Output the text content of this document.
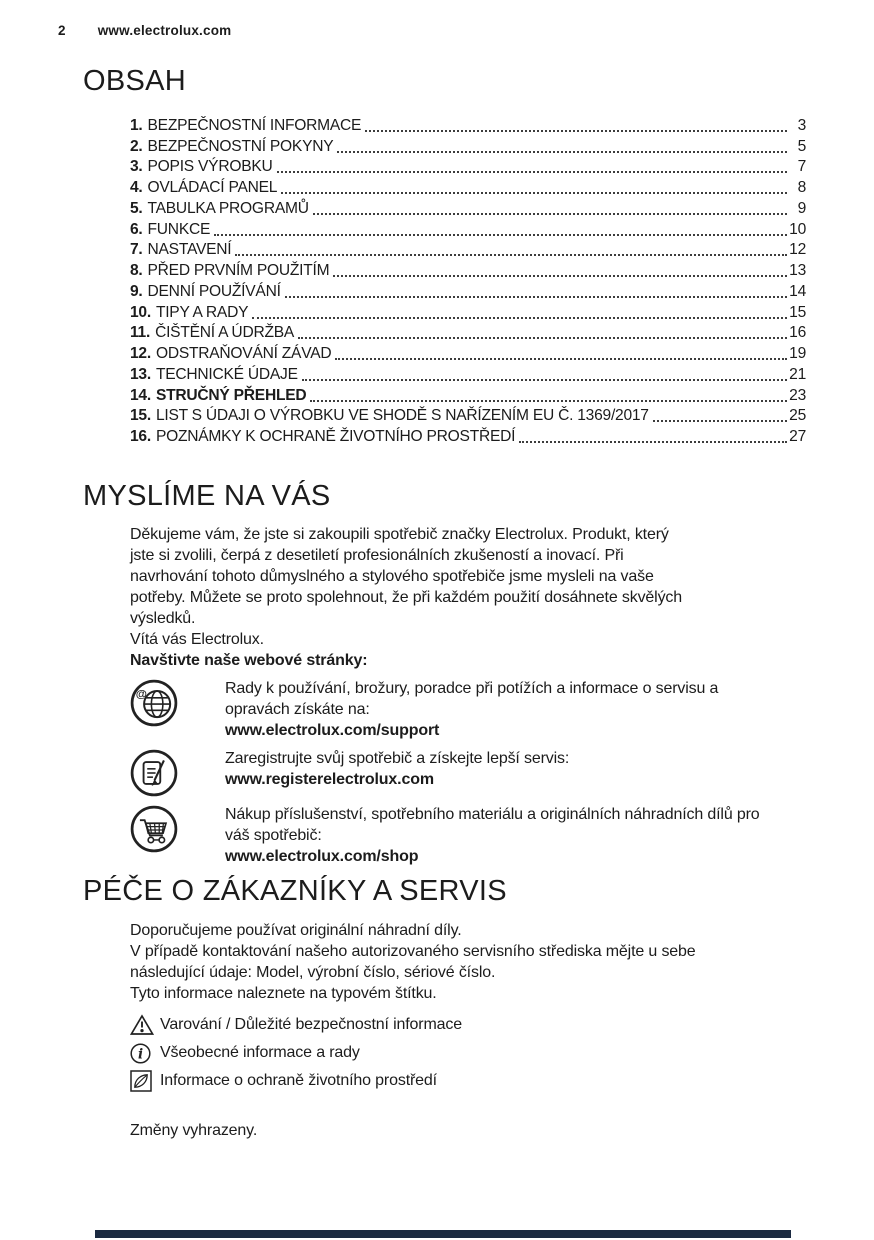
2 www.electrolux.com
OBSAH
1. BEZPEČNOSTNÍ INFORMACE	3
2. BEZPEČNOSTNÍ POKYNY	5
3. POPIS VÝROBKU	7
4. OVLÁDACÍ PANEL	8
5. TABULKA PROGRAMŮ	9
6. FUNKCE	10
7. NASTAVENÍ	12
8. PŘED PRVNÍM POUŽITÍM	13
9. DENNÍ POUŽÍVÁNÍ	14
10. TIPY A RADY	15
11. ČIŠTĚNÍ A ÚDRŽBA	16
12. ODSTRAŇOVÁNÍ ZÁVAD	19
13. TECHNICKÉ ÚDAJE	21
14. STRUČNÝ PŘEHLED	23
15. LIST S ÚDAJI O VÝROBKU VE SHODĚ S NAŘÍZENÍM EU Č. 1369/2017	25
16. POZNÁMKY K OCHRANĚ ŽIVOTNÍHO PROSTŘEDÍ	27
MYSLÍME NA VÁS
Děkujeme vám, že jste si zakoupili spotřebič značky Electrolux. Produkt, který
jste si zvolili, čerpá z desetiletí profesionálních zkušeností a inovací. Při
navrhování tohoto důmyslného a stylového spotřebiče jsme mysleli na vaše
potřeby. Můžete se proto spolehnout, že při každém použití dosáhnete skvělých
výsledků.
Vítá vás Electrolux.
Navštivte naše webové stránky:
@	Rady k používání, brožury, poradce při potížích a informace o servisu a
opravách získáte na:
www.electrolux.com/support
Zaregistrujte svůj spotřebič a získejte lepší servis:
www.registerelectrolux.com
Nákup příslušenství, spotřebního materiálu a originálních náhradních dílů pro
váš spotřebič:
www.electrolux.com/shop
PÉČE O ZÁKAZNÍKY A SERVIS
Doporučujeme používat originální náhradní díly.
V případě kontaktování našeho autorizovaného servisního střediska mějte u sebe
následující údaje: Model, výrobní číslo, sériové číslo.
Tyto informace naleznete na typovém štítku.
Varování / Důležité bezpečnostní informace
i Všeobecné informace a rady
Informace o ochraně životního prostředí
Změny vyhrazeny.
